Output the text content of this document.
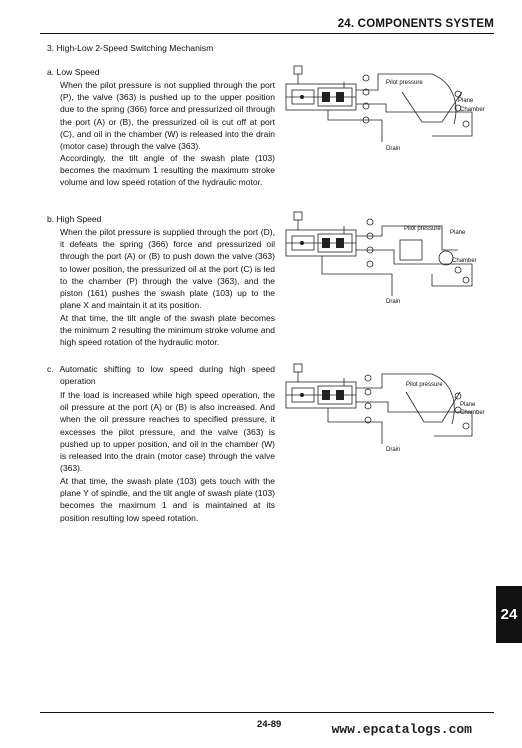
24. COMPONENTS SYSTEM
3. High-Low 2-Speed Switching Mechanism
a. Low Speed
When the pilot pressure is not supplied through the port (P), the valve (363) is pushed up to the upper position due to the spring (366) force and pressurized oil through the port (A) or (B), the pressurized oil is cut off at port (C), and oil in the chamber (W) is released into the drain (motor case) through the valve (363).
Accordingly, the tilt angle of the swash plate (103) becomes the maximum 1 resulting the maximum stroke volume and low speed rotation of the hydraulic motor.
b. High Speed
When the pilot pressure is supplied through the port (D), it defeats the spring (366) force and pressurized oil through the port (A) or (B) to push down the valve (363) to lower position, the pressurized oil at the port (C) is led to the chamber (P) through the valve (363), and the piston (161) pushes the swash plate (103) up to the plane X and maintain it at its position.
At that time, the tilt angle of the swash plate becomes the minimum 2 resulting the minimum stroke volume and high speed rotation of the hydraulic motor.
c. Automatic shifting to low speed during high speed operation
If the load is increased while high speed operation, the oil pressure at the port (A) or (B) is also increased. And when the oil pressure reaches to specified pressure, it excesses the pilot pressure, and the valve (363) is pushed up to upper position, and oil in the chamber (W) is released into the drain (motor case) through the valve (363).
At that time, the swash plate (103) gets touch with the plane Y of spindle, and the tilt angle of swash plate (103) becomes the maximum 1 and is maintained at its position resulting low speed rotation.
Pilot pressure
Plane
Chamber
Drain
Pilot pressure
Plane
Chamber
Drain
Pilot pressure
Plane
Chamber
Drain
24
24-89	www.epcatalogs.com
